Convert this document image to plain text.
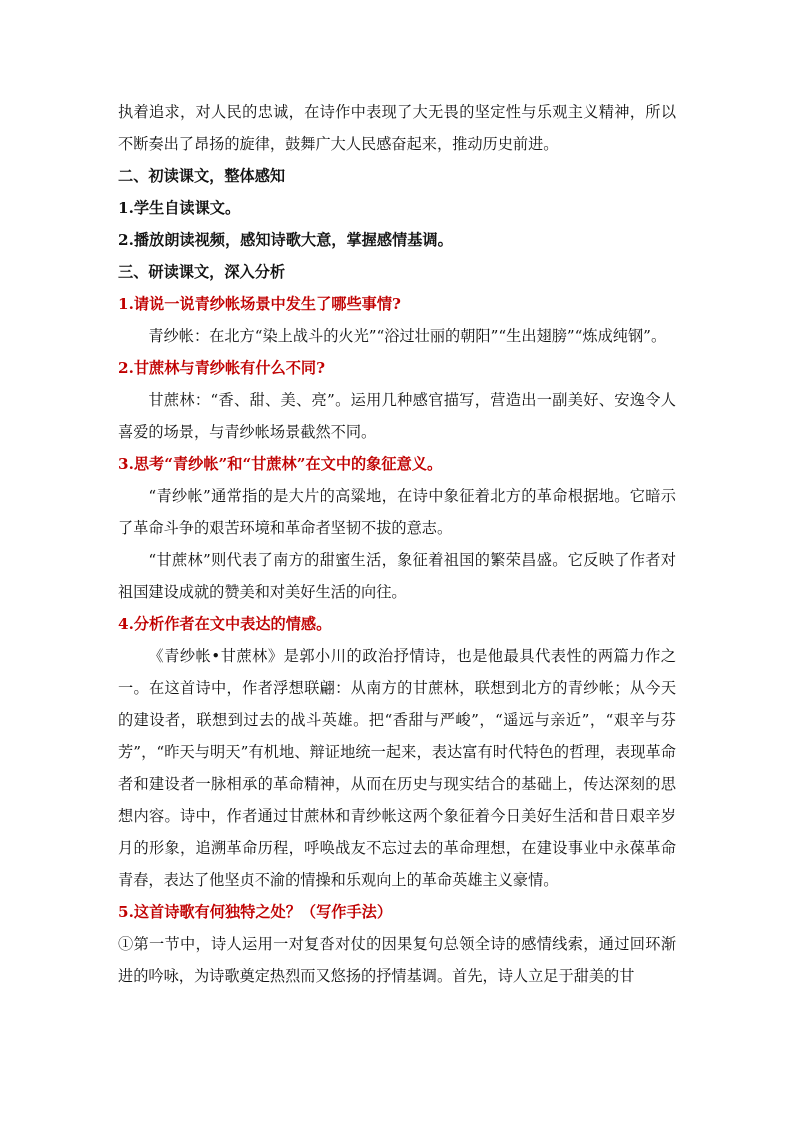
执着追求，对人民的忠诚，在诗作中表现了大无畏的坚定性与乐观主义精神，所以不断奏出了昂扬的旋律，鼓舞广大人民感奋起来，推动历史前进。

二、初读课文，整体感知

1.学生自读课文。

2.播放朗读视频，感知诗歌大意，掌握感情基调。

三、研读课文，深入分析

1.请说一说青纱帐场景中发生了哪些事情?

青纱帐：在北方“染上战斗的火光”“浴过壮丽的朝阳”“生出翅膀”“炼成纯钢”。

2.甘蔗林与青纱帐有什么不同?

甘蔗林：“香、甜、美、亮”。运用几种感官描写，营造出一副美好、安逸令人喜爱的场景，与青纱帐场景截然不同。

3.思考“青纱帐”和“甘蔗林”在文中的象征意义。

“青纱帐”通常指的是大片的高粱地，在诗中象征着北方的革命根据地。它暗示了革命斗争的艰苦环境和革命者坚韧不拔的意志。

“甘蔗林”则代表了南方的甜蜜生活，象征着祖国的繁荣昌盛。它反映了作者对祖国建设成就的赞美和对美好生活的向往。

4.分析作者在文中表达的情感。

《青纱帐•甘蔗林》是郭小川的政治抒情诗，也是他最具代表性的两篇力作之一。在这首诗中，作者浮想联翩：从南方的甘蔗林，联想到北方的青纱帐；从今天的建设者，联想到过去的战斗英雄。把“香甜与严峻”，“遥远与亲近”，“艰辛与芬芳”，“昨天与明天”有机地、辩证地统一起来，表达富有时代特色的哲理，表现革命者和建设者一脉相承的革命精神，从而在历史与现实结合的基础上，传达深刻的思想内容。诗中，作者通过甘蔗林和青纱帐这两个象征着今日美好生活和昔日艰辛岁月的形象，追溯革命历程，呼唤战友不忘过去的革命理想，在建设事业中永葆革命青春，表达了他坚贞不渝的情操和乐观向上的革命英雄主义豪情。

5.这首诗歌有何独特之处？（写作手法）

①第一节中，诗人运用一对复沓对仗的因果复句总领全诗的感情线索，通过回环渐进的吟咏，为诗歌奠定热烈而又悠扬的抒情基调。首先，诗人立足于甜美的甘
